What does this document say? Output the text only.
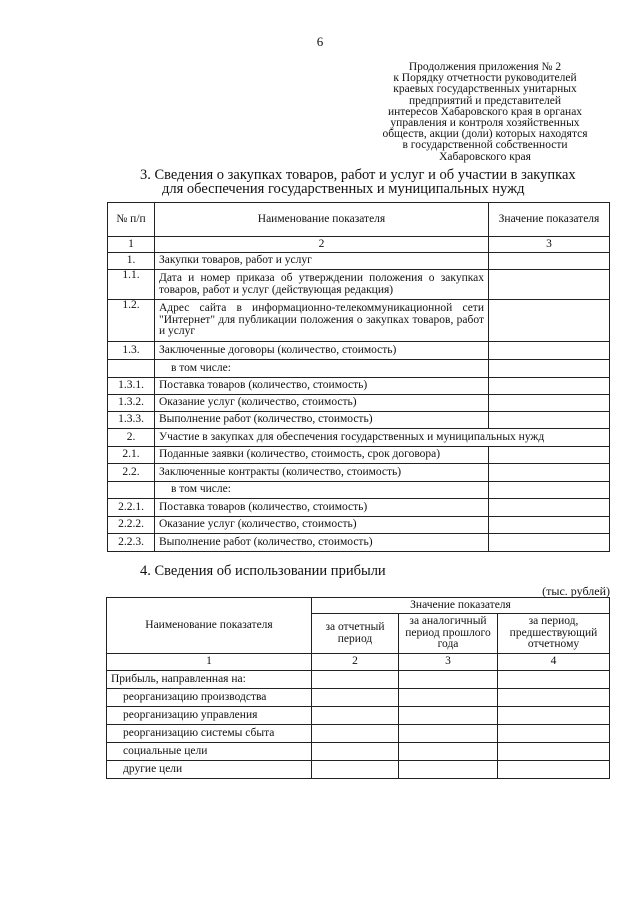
6
Продолжения приложения № 2
к Порядку отчетности руководителей
краевых государственных унитарных
предприятий и представителей
интересов Хабаровского края в органах
управления и контроля хозяйственных
обществ, акции (доли) которых находятся
в государственной собственности
Хабаровского края
3. Сведения о закупках товаров, работ и услуг и об участии в закупках
для обеспечения государственных и муниципальных нужд
№ п/п	Наименование показателя	Значение показателя
1	2	3
1.	Закупки товаров, работ и услуг	
1.1.	Дата и номер приказа об утверждении положения о закупках товаров, работ и услуг (действующая редакция)	
1.2.	Адрес сайта в информационно-телекоммуникационной сети "Интернет" для публикации положения о закупках товаров, работ и услуг	
1.3.	Заключенные договоры (количество, стоимость)	
	в том числе:	
1.3.1.	Поставка товаров (количество, стоимость)	
1.3.2.	Оказание услуг (количество, стоимость)	
1.3.3.	Выполнение работ (количество, стоимость)	
2.	Участие в закупках для обеспечения государственных и муниципальных нужд	
2.1.	Поданные заявки (количество, стоимость, срок договора)	
2.2.	Заключенные контракты (количество, стоимость)	
	в том числе:	
2.2.1.	Поставка товаров (количество, стоимость)	
2.2.2.	Оказание услуг (количество, стоимость)	
2.2.3.	Выполнение работ (количество, стоимость)	
4. Сведения об использовании прибыли
(тыс. рублей)
Наименование показателя	Значение показателя		
	за отчетный период	за аналогичный период прошлого года	за период, предшествующий отчетному
1	2	3	4
Прибыль, направленная на:			
реорганизацию производства			
реорганизацию управления			
реорганизацию системы сбыта			
социальные цели			
другие цели			
